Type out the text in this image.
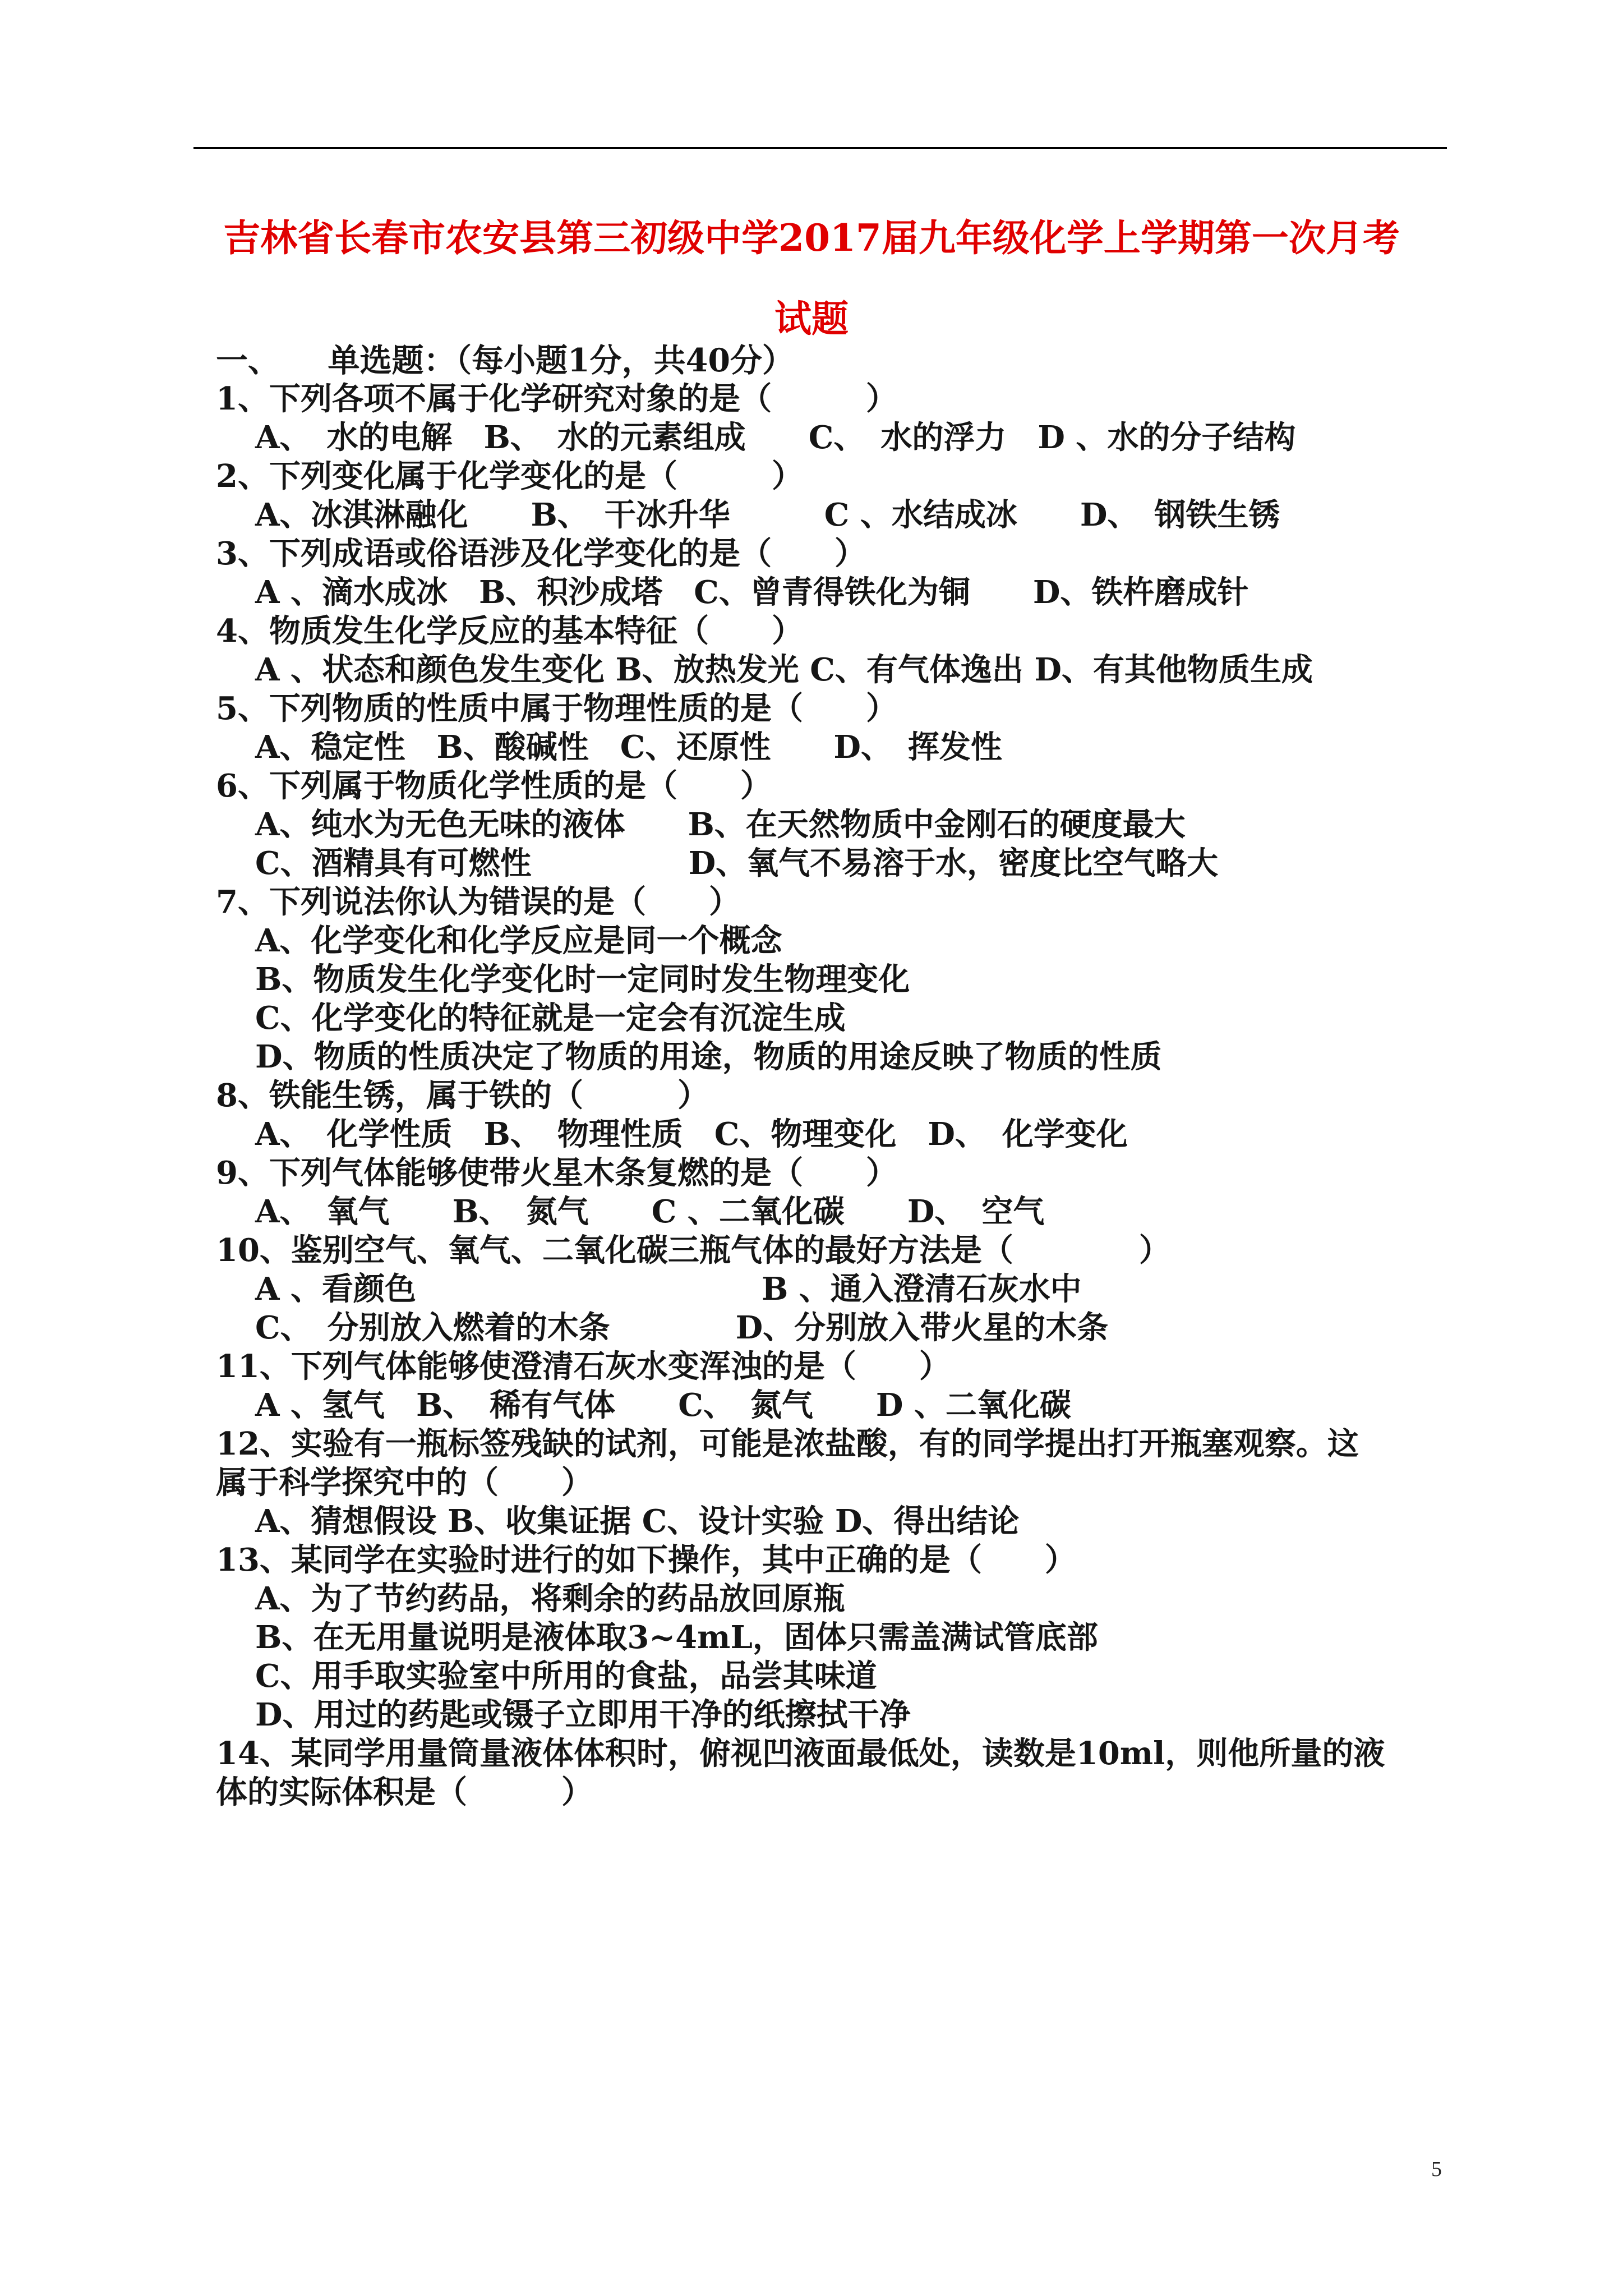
吉林省长春市农安县第三初级中学2017届九年级化学上学期第一次月考
试题
一、　　单选题：（每小题1分，共40分）
1、下列各项不属于化学研究对象的是（　　　）
A、　水的电解　B、　水的元素组成　　C、　水的浮力　D 、水的分子结构
2、下列变化属于化学变化的是（　　　）
A、冰淇淋融化　　B、　干冰升华　　　C 、水结成冰　　D、　钢铁生锈
3、下列成语或俗语涉及化学变化的是（　　）
A 、滴水成冰　B、积沙成塔　C、曾青得铁化为铜　　D、铁杵磨成针
4、物质发生化学反应的基本特征（　　）
A 、状态和颜色发生变化 B、放热发光 C、有气体逸出 D、有其他物质生成
5、下列物质的性质中属于物理性质的是（　　）
A、稳定性　B、酸碱性　C、还原性　　D、　挥发性
6、下列属于物质化学性质的是（　　）
A、纯水为无色无味的液体　　B、在天然物质中金刚石的硬度最大
C、酒精具有可燃性　　　　　D、氧气不易溶于水，密度比空气略大
7、下列说法你认为错误的是（　　）
A、化学变化和化学反应是同一个概念
B、物质发生化学变化时一定同时发生物理变化
C、化学变化的特征就是一定会有沉淀生成
D、物质的性质决定了物质的用途，物质的用途反映了物质的性质
8、铁能生锈，属于铁的（　　　）
A、　化学性质　B、　物理性质　C、物理变化　D、　化学变化
9、下列气体能够使带火星木条复燃的是（　　）
A、　氧气　　B、　氮气　　C 、二氧化碳　　D、　空气
10、鉴别空气、氧气、二氧化碳三瓶气体的最好方法是（　　　　）
A 、看颜色　　　　　　　　　　　B 、通入澄清石灰水中
C、　分别放入燃着的木条　　　　D、分别放入带火星的木条
11、下列气体能够使澄清石灰水变浑浊的是（　　）
A 、氢气　B、　稀有气体　　C、　氮气　　D 、二氧化碳
12、实验有一瓶标签残缺的试剂，可能是浓盐酸，有的同学提出打开瓶塞观察。这
属于科学探究中的（　　）
A、猜想假设 B、收集证据 C、设计实验 D、得出结论
13、某同学在实验时进行的如下操作，其中正确的是（　　）
A、为了节约药品，将剩余的药品放回原瓶
B、在无用量说明是液体取3~4mL，固体只需盖满试管底部
C、用手取实验室中所用的食盐，品尝其味道
D、用过的药匙或镊子立即用干净的纸擦拭干净
14、某同学用量筒量液体体积时，俯视凹液面最低处，读数是10ml，则他所量的液
体的实际体积是（　　　）
5
